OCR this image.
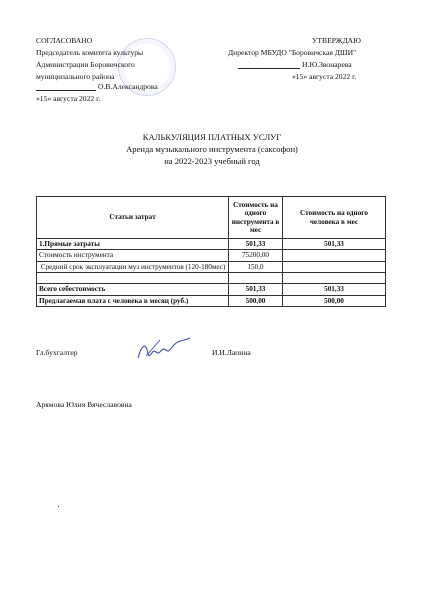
СОГЛАСОВАНО
Председатель комитета культуры
Администрации Боровичского
муниципального района
О.В.Александрова
«15» августа 2022 г.
УТВЕРЖДАЮ
Директор МБУДО "Боровичская ДШИ"
Н.Ю.Звонарева
«15» августа 2022 г.
КАЛЬКУЛЯЦИЯ ПЛАТНЫХ УСЛУГ
Аренда музыкального инструмента (саксофон)
на 2022-2023 учебный год
Статьи затрат	Стоимость на одного инструмента в мес	Стоимость на одного человека в мес
1.Прямые затраты	501,33	501,33
Стоимость инструмента	75200,00	
Средний срок эксплуатации муз инструментов (120-180мес)	150,0	

Всего себестоимость	501,33	501,33
Предлагаемая плата с человека в месяц (руб.)	500,00	500,00
Гл.бухгалтер	И.И.Лапина
Арямова Юлия Вячеславовна
